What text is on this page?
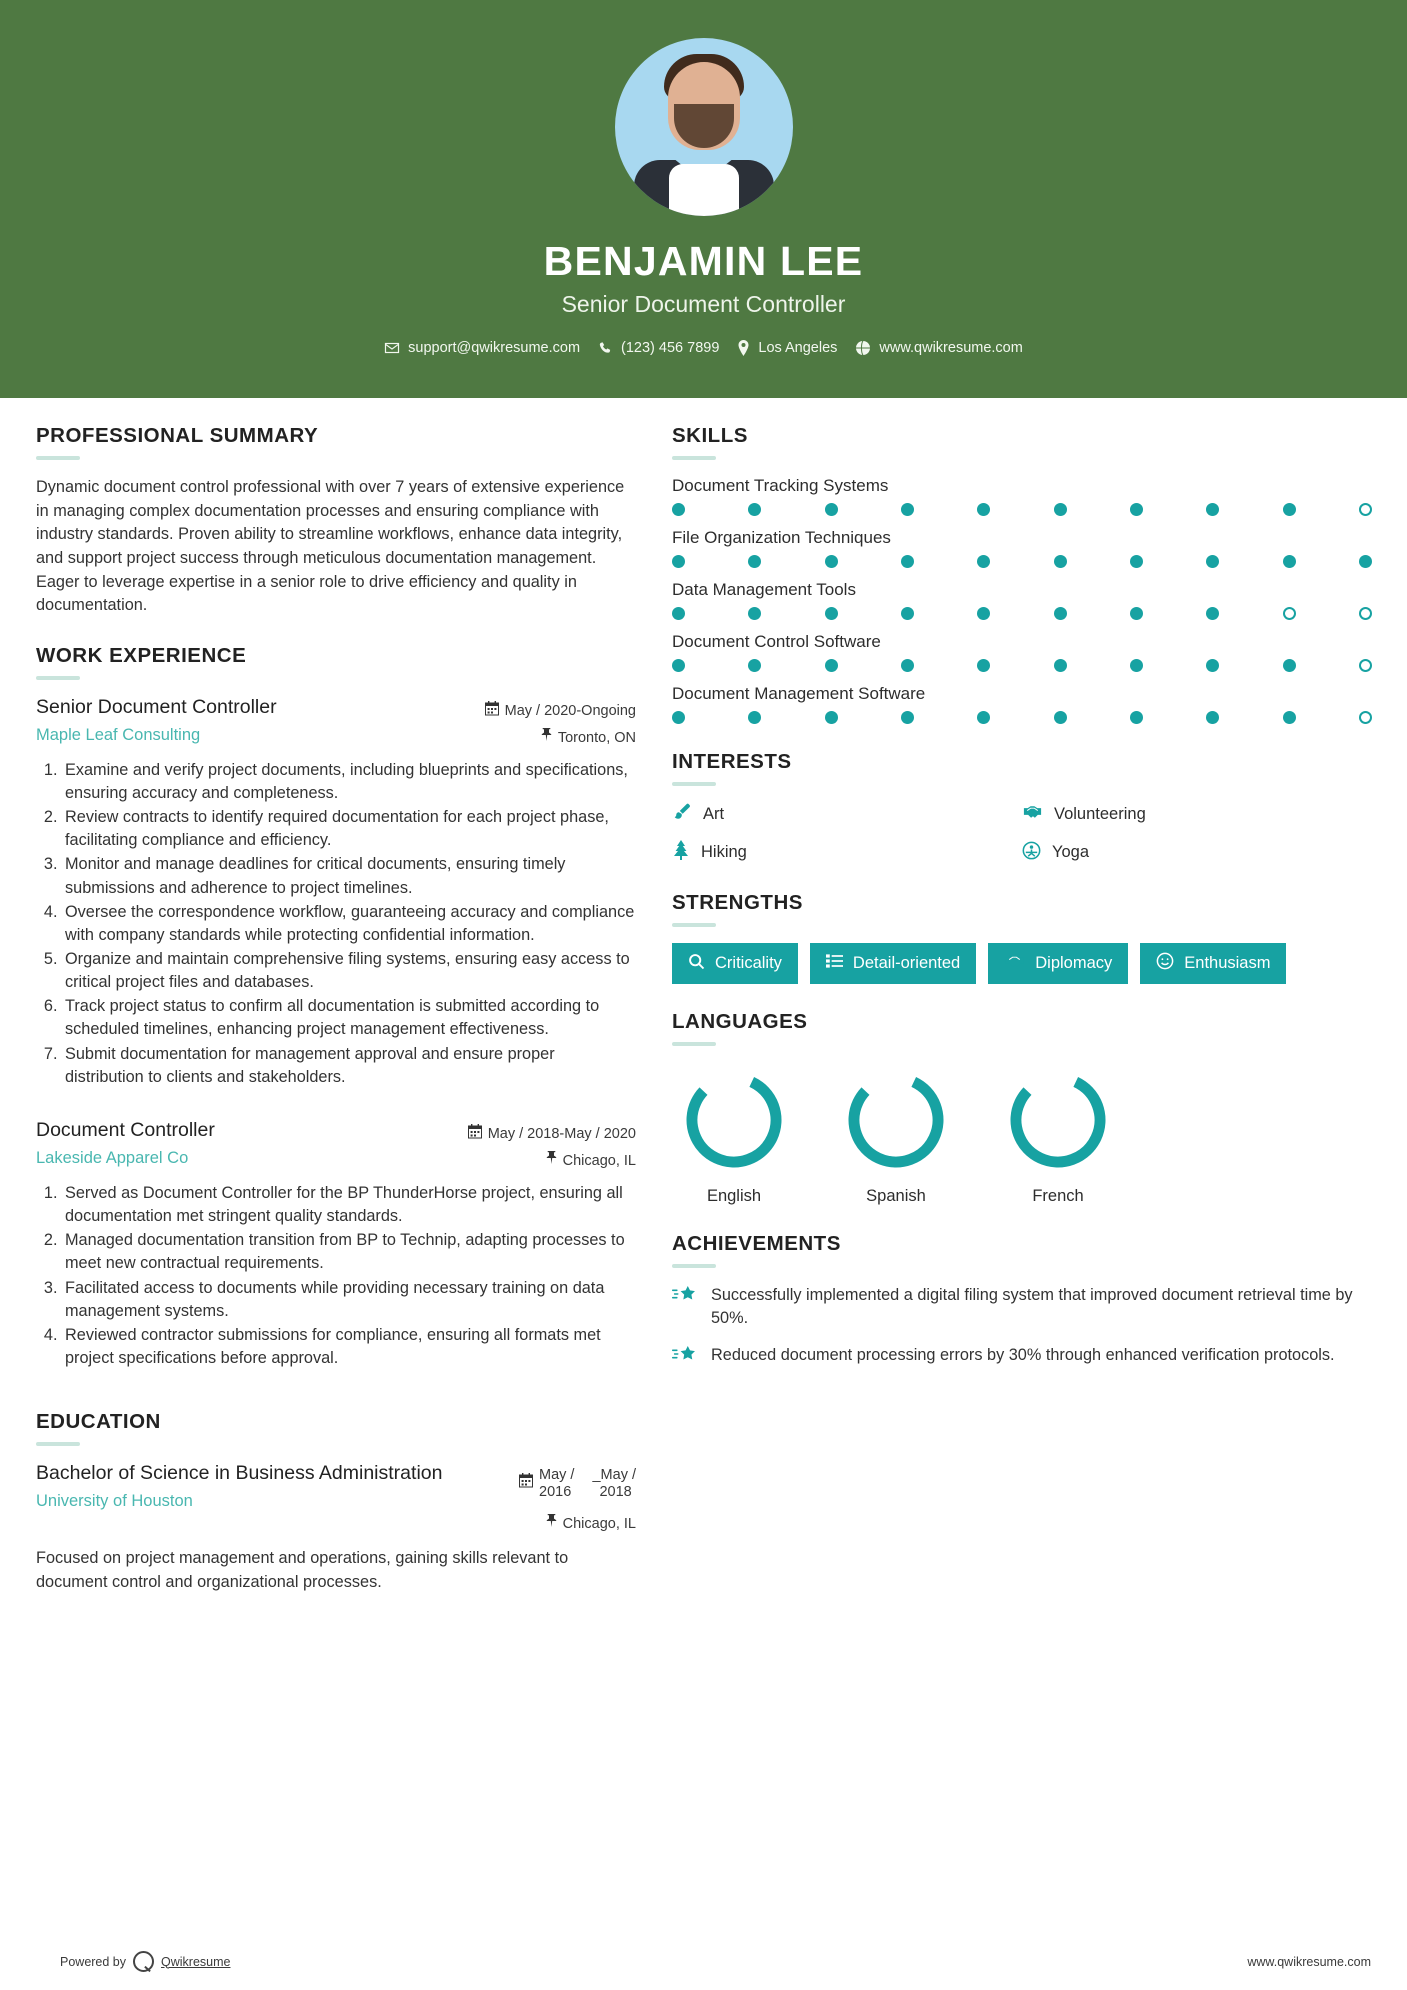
BENJAMIN LEE
Senior Document Controller
support@qwikresume.com	(123) 456 7899	Los Angeles	www.qwikresume.com
PROFESSIONAL SUMMARY
Dynamic document control professional with over 7 years of extensive experience in managing complex documentation processes and ensuring compliance with industry standards. Proven ability to streamline workflows, enhance data integrity, and support project success through meticulous documentation management. Eager to leverage expertise in a senior role to drive efficiency and quality in documentation.
WORK EXPERIENCE
Senior Document Controller
Maple Leaf Consulting
May / 2020-Ongoing
Toronto, ON
1. Examine and verify project documents, including blueprints and specifications, ensuring accuracy and completeness.
2. Review contracts to identify required documentation for each project phase, facilitating compliance and efficiency.
3. Monitor and manage deadlines for critical documents, ensuring timely submissions and adherence to project timelines.
4. Oversee the correspondence workflow, guaranteeing accuracy and compliance with company standards while protecting confidential information.
5. Organize and maintain comprehensive filing systems, ensuring easy access to critical project files and databases.
6. Track project status to confirm all documentation is submitted according to scheduled timelines, enhancing project management effectiveness.
7. Submit documentation for management approval and ensure proper distribution to clients and stakeholders.
Document Controller
Lakeside Apparel Co
May / 2018-May / 2020
Chicago, IL
1. Served as Document Controller for the BP ThunderHorse project, ensuring all documentation met stringent quality standards.
2. Managed documentation transition from BP to Technip, adapting processes to meet new contractual requirements.
3. Facilitated access to documents while providing necessary training on data management systems.
4. Reviewed contractor submissions for compliance, ensuring all formats met project specifications before approval.
EDUCATION
Bachelor of Science in Business Administration
University of Houston
May /
2016
_May /
2018
Chicago, IL
Focused on project management and operations, gaining skills relevant to document control and organizational processes.
SKILLS
Document Tracking Systems
File Organization Techniques
Data Management Tools
Document Control Software
Document Management Software
INTERESTS
Art	Volunteering
Hiking	Yoga
STRENGTHS
Criticality	Detail-oriented	Diplomacy	Enthusiasm
LANGUAGES
English	Spanish	French
ACHIEVEMENTS
Successfully implemented a digital filing system that improved document retrieval time by 50%.
Reduced document processing errors by 30% through enhanced verification protocols.
Powered by	Qwikresume	www.qwikresume.com
